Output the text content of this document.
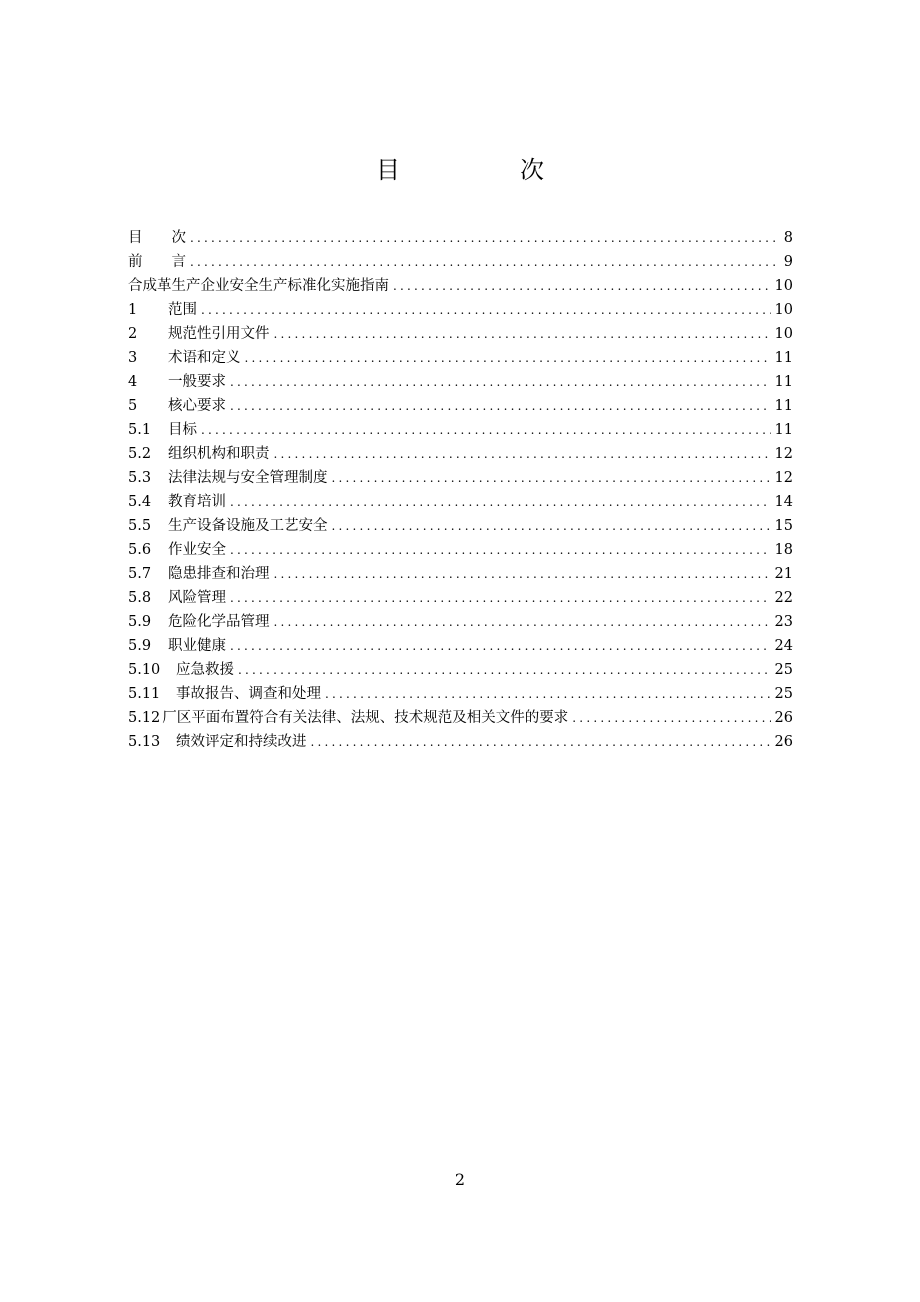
目　次
目 次 .....	8
前 言 .....	9
合成革生产企业安全生产标准化实施指南 .....	10
1	范围 .....	10
2	规范性引用文件 .....	10
3	术语和定义 .....	11
4	一般要求 .....	11
5	核心要求 .....	11
5.1	目标 .....	11
5.2	组织机构和职责 .....	12
5.3	法律法规与安全管理制度 .....	12
5.4	教育培训 .....	14
5.5	生产设备设施及工艺安全 .....	15
5.6	作业安全 .....	18
5.7	隐患排查和治理 .....	21
5.8	风险管理 .....	22
5.9	危险化学品管理 .....	23
5.9	职业健康 .....	24
5.10	应急救援 .....	25
5.11	事故报告、调查和处理 .....	25
5.12 厂区平面布置符合有关法律、法规、技术规范及相关文件的要求 .....	26
5.13	绩效评定和持续改进 .....	26
2
